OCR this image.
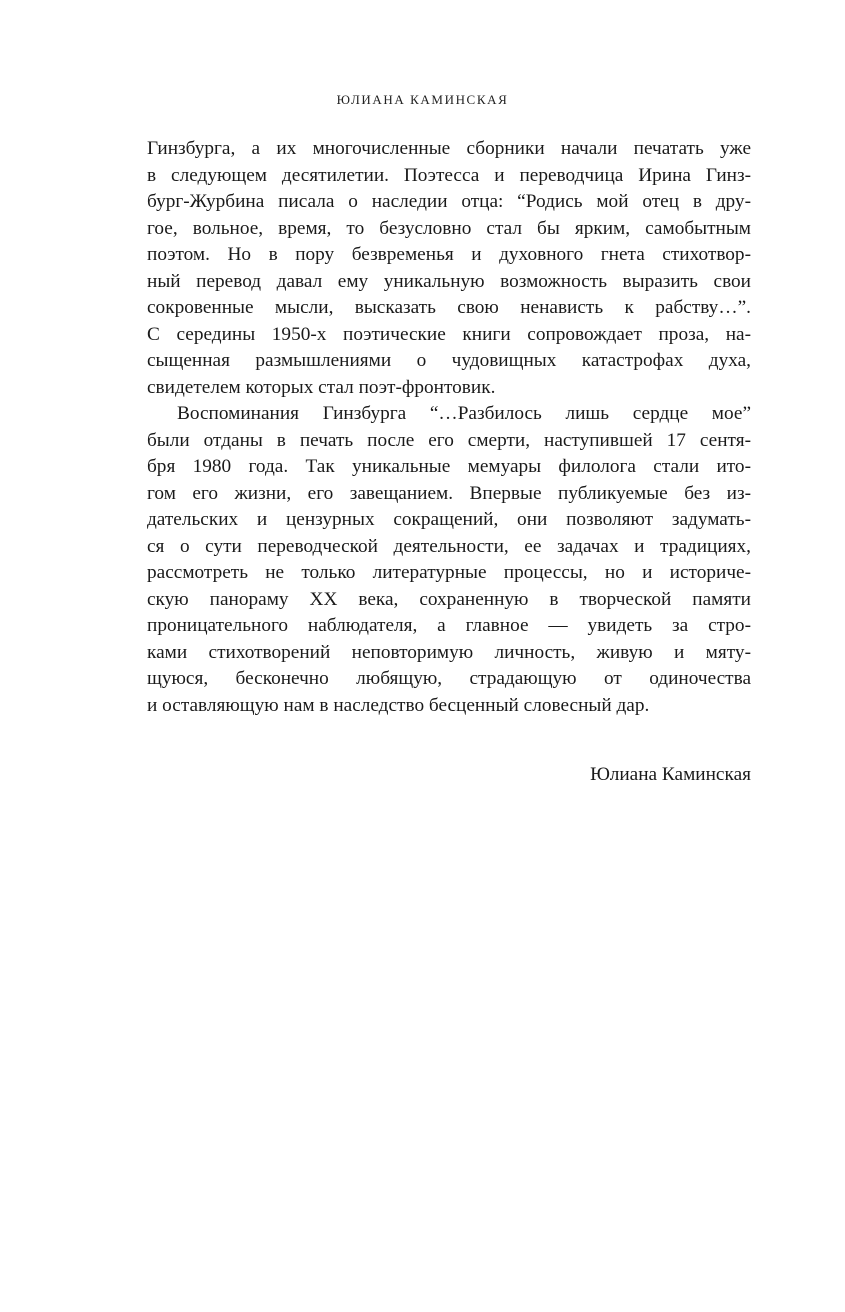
ЮЛИАНА КАМИНСКАЯ
Гинзбурга, а их многочисленные сборники начали печатать уже
в следующем десятилетии. Поэтесса и переводчица Ирина Гинз-
бург-Журбина писала о наследии отца: “Родись мой отец в дру-
гое, вольное, время, то безусловно стал бы ярким, самобытным
поэтом. Но в пору безвременья и духовного гнета стихотвор-
ный перевод давал ему уникальную возможность выразить свои
сокровенные мысли, высказать свою ненависть к рабству…”.
С середины 1950-х поэтические книги сопровождает проза, на-
сыщенная размышлениями о чудовищных катастрофах духа,
свидетелем которых стал поэт-фронтовик.
Воспоминания Гинзбурга “…Разбилось лишь сердце мое”
были отданы в печать после его смерти, наступившей 17 сентя-
бря 1980 года. Так уникальные мемуары филолога стали ито-
гом его жизни, его завещанием. Впервые публикуемые без из-
дательских и цензурных сокращений, они позволяют задумать-
ся о сути переводческой деятельности, ее задачах и традициях,
рассмотреть не только литературные процессы, но и историче-
скую панораму XX века, сохраненную в творческой памяти
проницательного наблюдателя, а главное — увидеть за стро-
ками стихотворений неповторимую личность, живую и мяту-
щуюся, бесконечно любящую, страдающую от одиночества
и оставляющую нам в наследство бесценный словесный дар.
Юлиана Каминская
